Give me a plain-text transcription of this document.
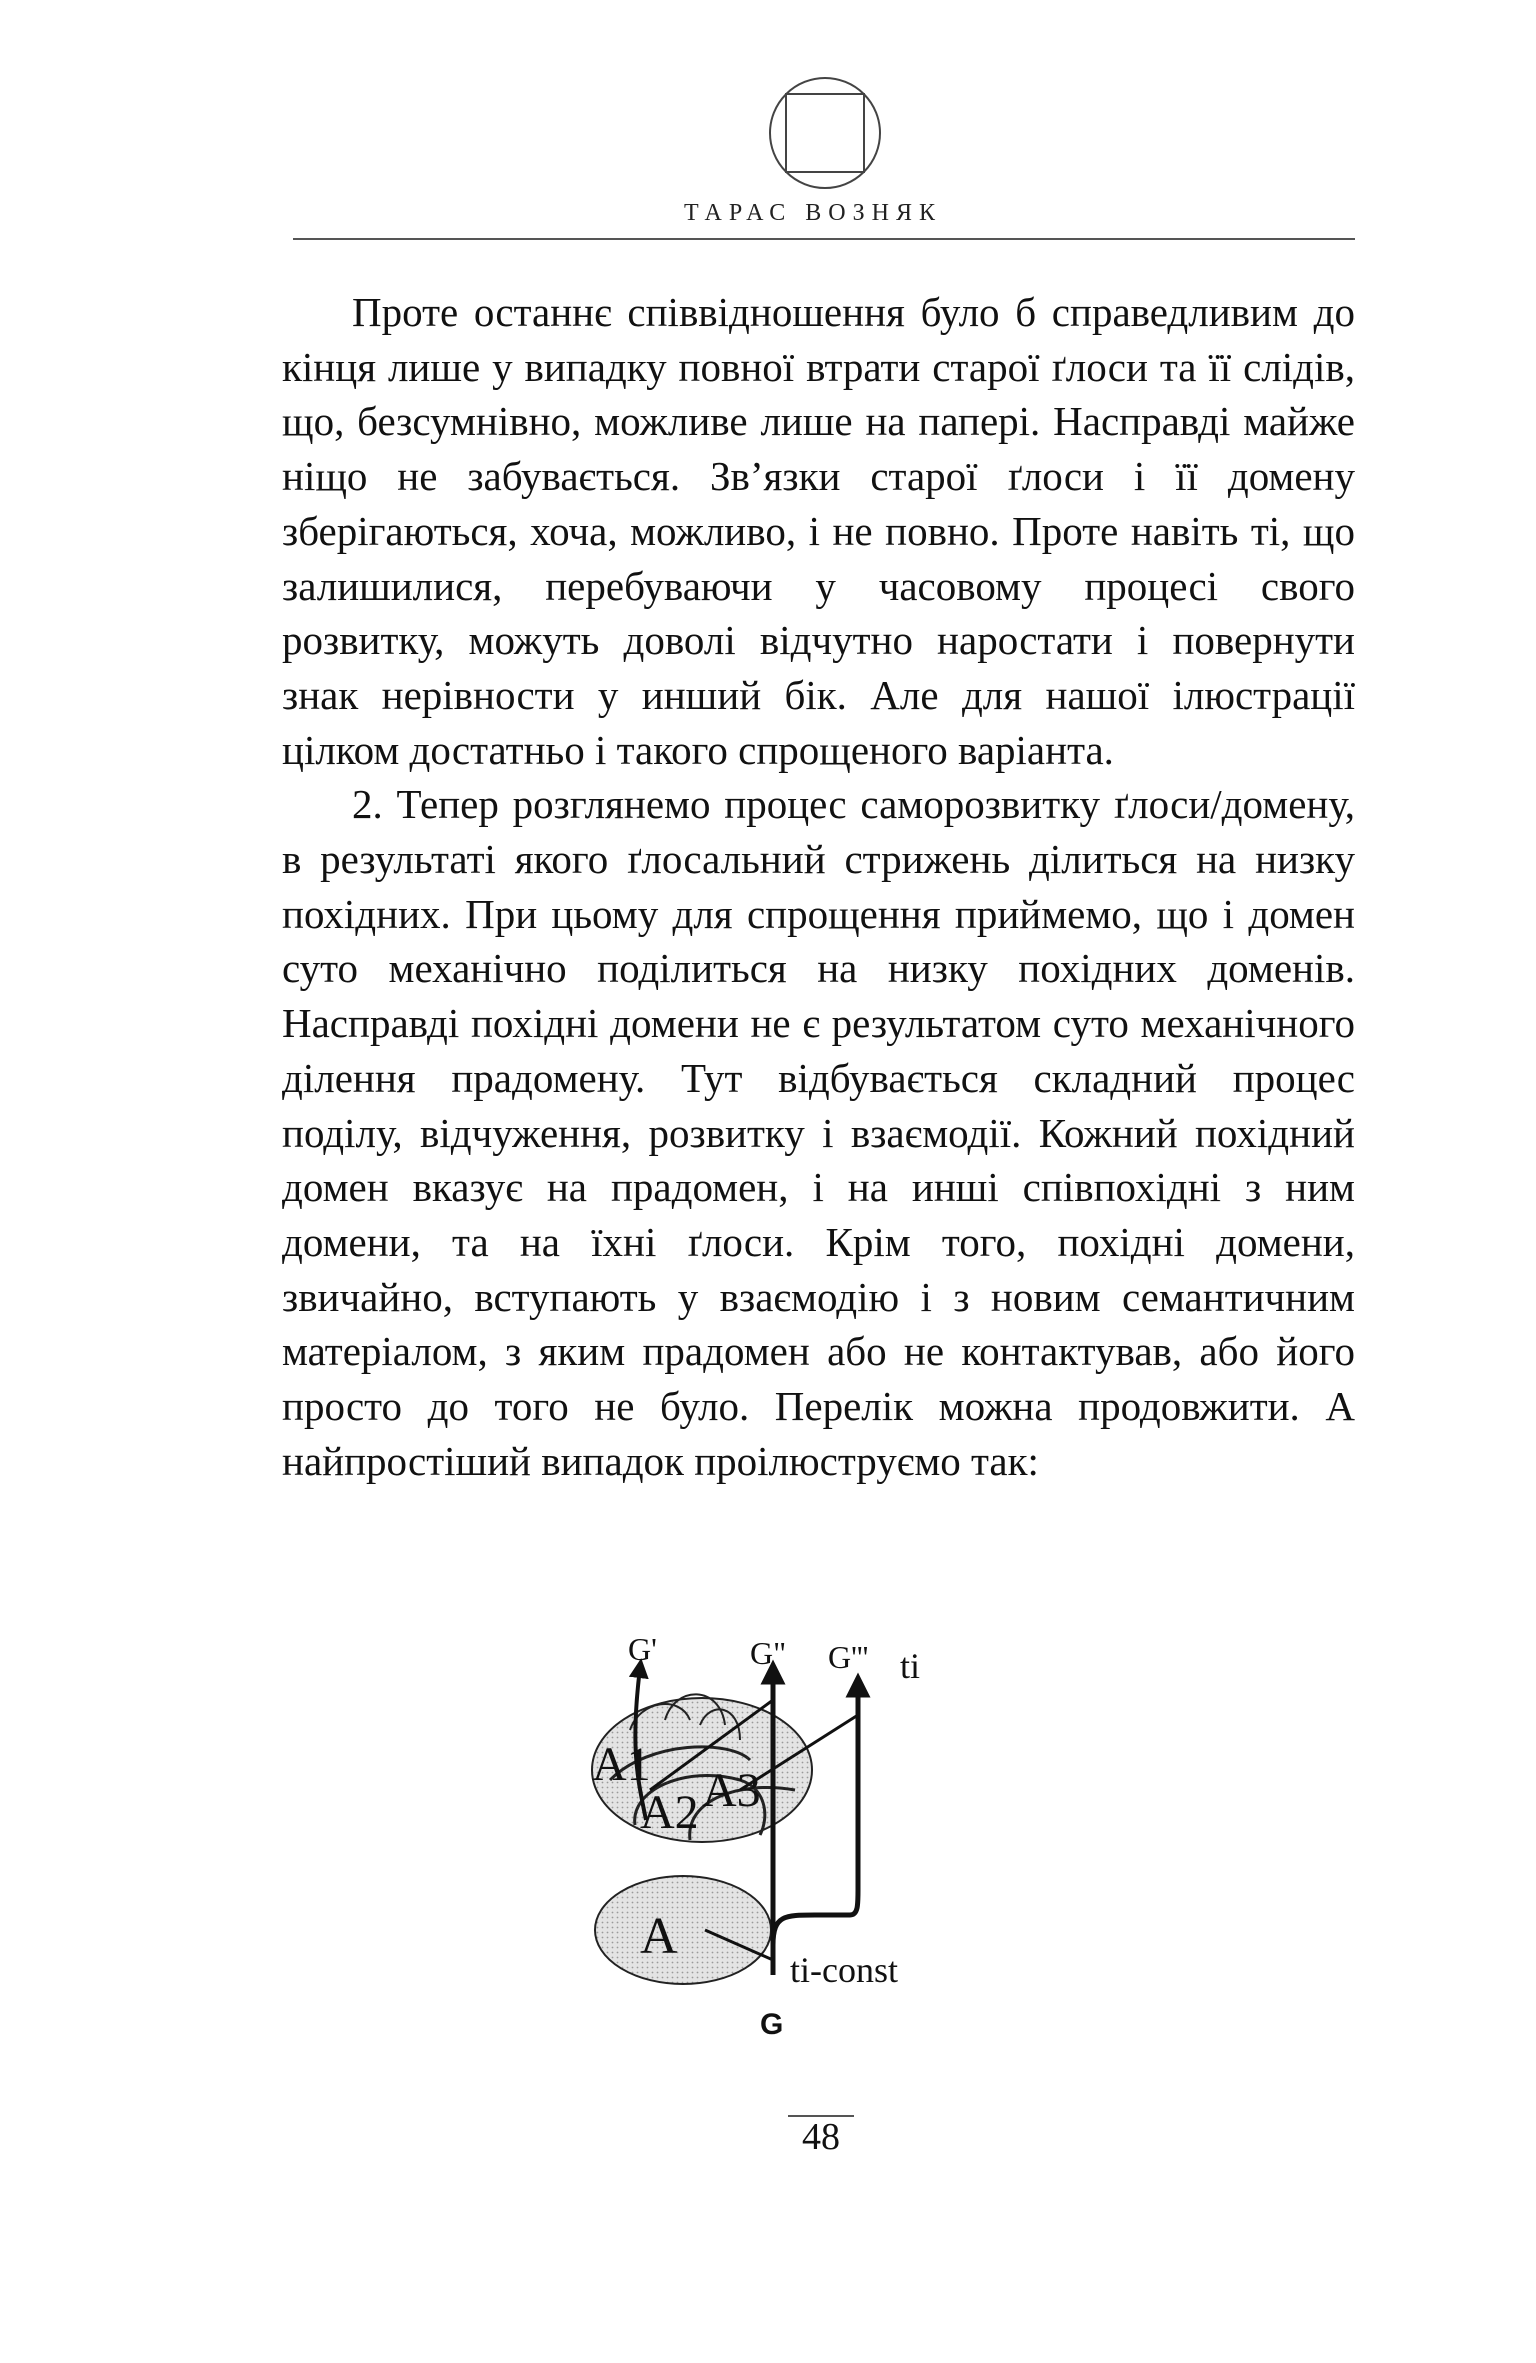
ТАРАС ВОЗНЯК

Проте останнє співвідношення було б справедливим до кінця лише у випадку повної втрати старої ґлоси та її слідів, що, безсумнівно, можливе лише на папері. Насправді майже ніщо не забувається. Зв’язки старої ґлоси і її домену зберігаються, хоча, можливо, і не повно. Проте навіть ті, що залишилися, перебуваючи у часовому процесі свого розвитку, можуть доволі відчутно наростати і повернути знак нерівности у инший бік. Але для нашої ілюстрації цілком достатньо і такого спрощеного варіанта.

2. Тепер розглянемо процес саморозвитку ґлоси/домену, в результаті якого ґлосальний стрижень ділиться на низку похідних. При цьому для спрощення приймемо, що і домен суто механічно поділиться на низку похідних доменів. Насправді похідні домени не є результатом суто механічного ділення прадомену. Тут відбувається складний процес поділу, відчуження, розвитку і взаємодії. Кожний похідний домен вказує на прадомен, і на инші співпохідні з ним домени, та на їхні ґлоси. Крім того, похідні домени, звичайно, вступають у взаємодію і з новим семантичним матеріалом, з яким прадомен або не контактував, або його просто до того не було. Перелік можна продовжити. А найпростіший випадок проілюструємо так:

G'	G" G''' ti
A1
A2 A3
A
ti-const
G
48
